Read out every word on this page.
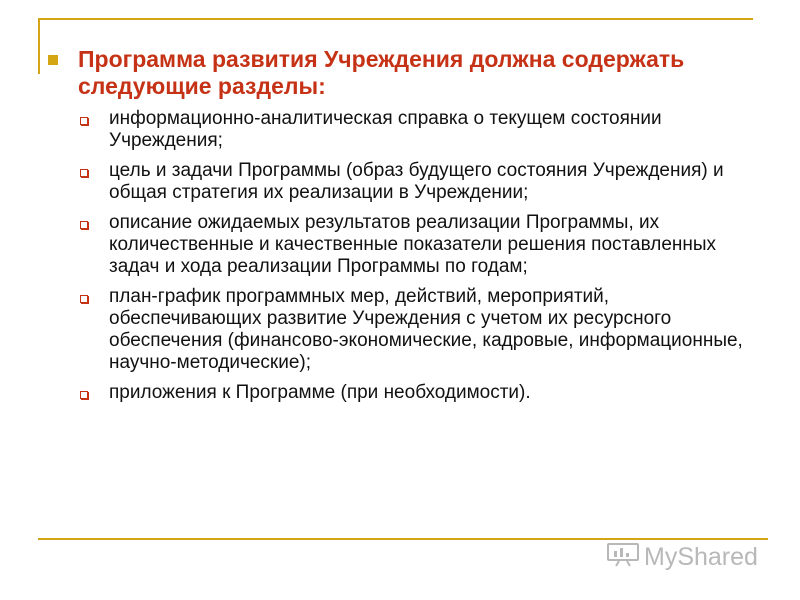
Программа развития Учреждения должна содержать следующие разделы:
информационно-аналитическая справка о текущем состоянии Учреждения;
цель и задачи Программы (образ будущего состояния Учреждения) и общая стратегия их реализации в Учреждении;
описание ожидаемых результатов реализации Программы, их количественные и качественные показатели решения поставленных задач и хода реализации Программы по годам;
план-график программных мер, действий, мероприятий, обеспечивающих развитие Учреждения с учетом их ресурсного обеспечения (финансово-экономические, кадровые, информационные, научно-методические);
приложения к Программе (при необходимости).
MyShared
